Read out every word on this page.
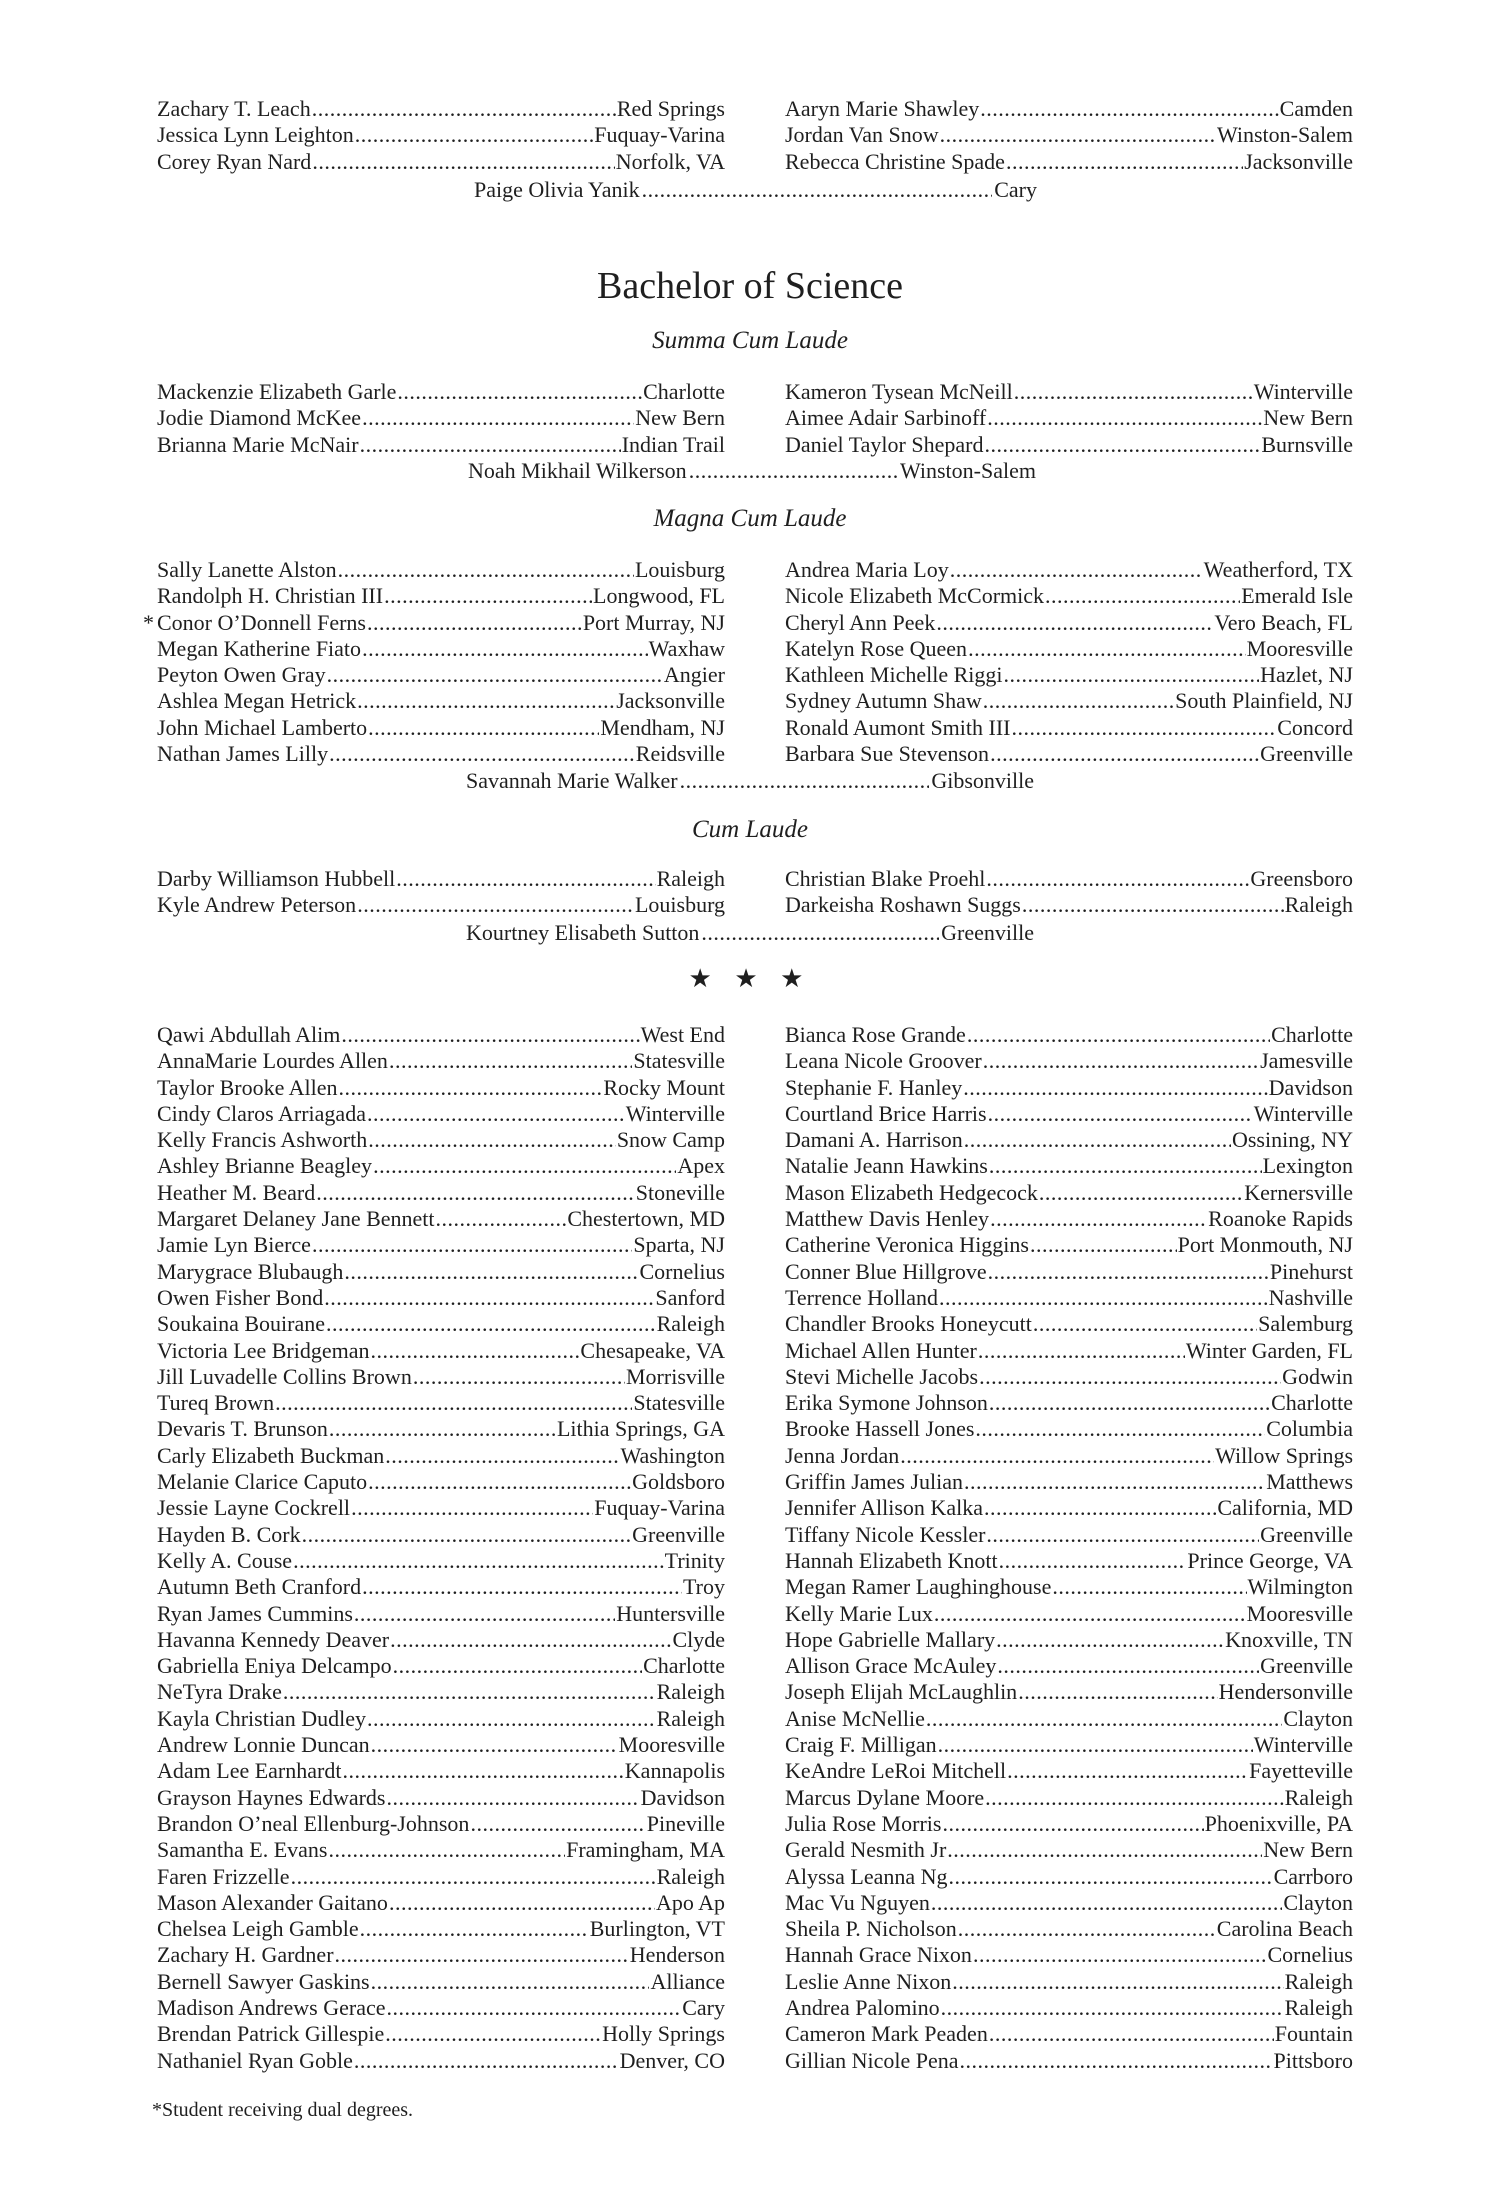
Zachary T. Leach .....	Red Springs
Jessica Lynn Leighton .....	Fuquay-Varina
Corey Ryan Nard .....	Norfolk, VA
Aaryn Marie Shawley .....	Camden
Jordan Van Snow .....	Winston-Salem
Rebecca Christine Spade .....	Jacksonville
Paige Olivia Yanik .....	Cary
Bachelor of Science
Summa Cum Laude
Mackenzie Elizabeth Garle .....	Charlotte
Jodie Diamond McKee .....	New Bern
Brianna Marie McNair .....	Indian Trail
Kameron Tysean McNeill .....	Winterville
Aimee Adair Sarbinoff .....	New Bern
Daniel Taylor Shepard .....	Burnsville
Noah Mikhail Wilkerson .....	Winston-Salem
Magna Cum Laude
Sally Lanette Alston .....	Louisburg
Randolph H. Christian III .....	Longwood, FL
* Conor O’Donnell Ferns .....	Port Murray, NJ
Megan Katherine Fiato .....	Waxhaw
Peyton Owen Gray .....	Angier
Ashlea Megan Hetrick .....	Jacksonville
John Michael Lamberto .....	Mendham, NJ
Nathan James Lilly .....	Reidsville
Andrea Maria Loy .....	Weatherford, TX
Nicole Elizabeth McCormick .....	Emerald Isle
Cheryl Ann Peek .....	Vero Beach, FL
Katelyn Rose Queen .....	Mooresville
Kathleen Michelle Riggi .....	Hazlet, NJ
Sydney Autumn Shaw .....	South Plainfield, NJ
Ronald Aumont Smith III .....	Concord
Barbara Sue Stevenson .....	Greenville
Savannah Marie Walker .....	Gibsonville
Cum Laude
Darby Williamson Hubbell .....	Raleigh
Kyle Andrew Peterson .....	Louisburg
Christian Blake Proehl .....	Greensboro
Darkeisha Roshawn Suggs .....	Raleigh
Kourtney Elisabeth Sutton .....	Greenville
★ ★ ★
Qawi Abdullah Alim .....	West End
AnnaMarie Lourdes Allen .....	Statesville
Taylor Brooke Allen .....	Rocky Mount
Cindy Claros Arriagada .....	Winterville
Kelly Francis Ashworth .....	Snow Camp
Ashley Brianne Beagley .....	Apex
Heather M. Beard .....	Stoneville
Margaret Delaney Jane Bennett .....	Chestertown, MD
Jamie Lyn Bierce .....	Sparta, NJ
Marygrace Blubaugh .....	Cornelius
Owen Fisher Bond .....	Sanford
Soukaina Bouirane .....	Raleigh
Victoria Lee Bridgeman .....	Chesapeake, VA
Jill Luvadelle Collins Brown .....	Morrisville
Tureq Brown .....	Statesville
Devaris T. Brunson .....	Lithia Springs, GA
Carly Elizabeth Buckman .....	Washington
Melanie Clarice Caputo .....	Goldsboro
Jessie Layne Cockrell .....	Fuquay-Varina
Hayden B. Cork .....	Greenville
Kelly A. Couse .....	Trinity
Autumn Beth Cranford .....	Troy
Ryan James Cummins .....	Huntersville
Havanna Kennedy Deaver .....	Clyde
Gabriella Eniya Delcampo .....	Charlotte
NeTyra Drake .....	Raleigh
Kayla Christian Dudley .....	Raleigh
Andrew Lonnie Duncan .....	Mooresville
Adam Lee Earnhardt .....	Kannapolis
Grayson Haynes Edwards .....	Davidson
Brandon O’neal Ellenburg-Johnson .....	Pineville
Samantha E. Evans .....	Framingham, MA
Faren Frizzelle .....	Raleigh
Mason Alexander Gaitano .....	Apo Ap
Chelsea Leigh Gamble .....	Burlington, VT
Zachary H. Gardner .....	Henderson
Bernell Sawyer Gaskins .....	Alliance
Madison Andrews Gerace .....	Cary
Brendan Patrick Gillespie .....	Holly Springs
Nathaniel Ryan Goble .....	Denver, CO
Bianca Rose Grande .....	Charlotte
Leana Nicole Groover .....	Jamesville
Stephanie F. Hanley .....	Davidson
Courtland Brice Harris .....	Winterville
Damani A. Harrison .....	Ossining, NY
Natalie Jeann Hawkins .....	Lexington
Mason Elizabeth Hedgecock .....	Kernersville
Matthew Davis Henley .....	Roanoke Rapids
Catherine Veronica Higgins .....	Port Monmouth, NJ
Conner Blue Hillgrove .....	Pinehurst
Terrence Holland .....	Nashville
Chandler Brooks Honeycutt .....	Salemburg
Michael Allen Hunter .....	Winter Garden, FL
Stevi Michelle Jacobs .....	Godwin
Erika Symone Johnson .....	Charlotte
Brooke Hassell Jones .....	Columbia
Jenna Jordan .....	Willow Springs
Griffin James Julian .....	Matthews
Jennifer Allison Kalka .....	California, MD
Tiffany Nicole Kessler .....	Greenville
Hannah Elizabeth Knott .....	Prince George, VA
Megan Ramer Laughinghouse .....	Wilmington
Kelly Marie Lux .....	Mooresville
Hope Gabrielle Mallary .....	Knoxville, TN
Allison Grace McAuley .....	Greenville
Joseph Elijah McLaughlin .....	Hendersonville
Anise McNellie .....	Clayton
Craig F. Milligan .....	Winterville
KeAndre LeRoi Mitchell .....	Fayetteville
Marcus Dylane Moore .....	Raleigh
Julia Rose Morris .....	Phoenixville, PA
Gerald Nesmith Jr .....	New Bern
Alyssa Leanna Ng .....	Carrboro
Mac Vu Nguyen .....	Clayton
Sheila P. Nicholson .....	Carolina Beach
Hannah Grace Nixon .....	Cornelius
Leslie Anne Nixon .....	Raleigh
Andrea Palomino .....	Raleigh
Cameron Mark Peaden .....	Fountain
Gillian Nicole Pena .....	Pittsboro
*Student receiving dual degrees.
